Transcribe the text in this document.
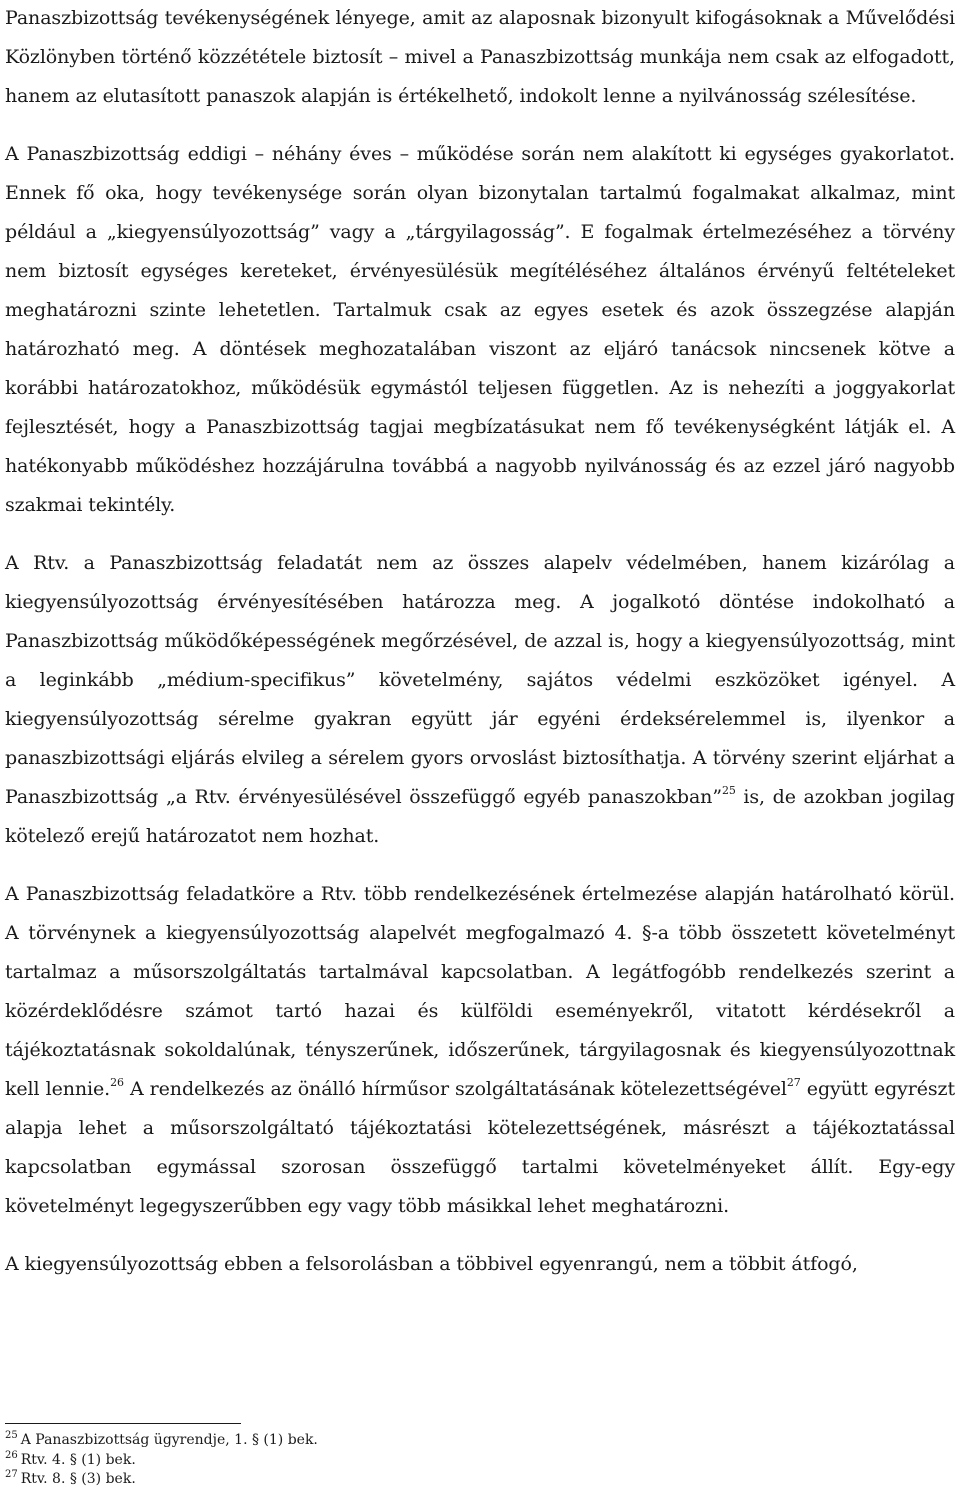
Panaszbizottság tevékenységének lényege, amit az alaposnak bizonyult kifogásoknak a Művelődési Közlönyben történő közzététele biztosít – mivel a Panaszbizottság munkája nem csak az elfogadott, hanem az elutasított panaszok alapján is értékelhető, indokolt lenne a nyilvánosság szélesítése.

A Panaszbizottság eddigi – néhány éves – működése során nem alakított ki egységes gyakorlatot. Ennek fő oka, hogy tevékenysége során olyan bizonytalan tartalmú fogalmakat alkalmaz, mint például a „kiegyensúlyozottság” vagy a „tárgyilagosság”. E fogalmak értelmezéséhez a törvény nem biztosít egységes kereteket, érvényesülésük megítéléséhez általános érvényű feltételeket meghatározni szinte lehetetlen. Tartalmuk csak az egyes esetek és azok összegzése alapján határozható meg. A döntések meghozatalában viszont az eljáró tanácsok nincsenek kötve a korábbi határozatokhoz, működésük egymástól teljesen független. Az is nehezíti a joggyakorlat fejlesztését, hogy a Panaszbizottság tagjai megbízatásukat nem fő tevékenységként látják el. A hatékonyabb működéshez hozzájárulna továbbá a nagyobb nyilvánosság és az ezzel járó nagyobb szakmai tekintély.

A Rtv. a Panaszbizottság feladatát nem az összes alapelv védelmében, hanem kizárólag a kiegyensúlyozottság érvényesítésében határozza meg. A jogalkotó döntése indokolható a Panaszbizottság működőképességének megőrzésével, de azzal is, hogy a kiegyensúlyozottság, mint a leginkább „médium-specifikus” követelmény, sajátos védelmi eszközöket igényel. A kiegyensúlyozottság sérelme gyakran együtt jár egyéni érdeksérelemmel is, ilyenkor a panaszbizottsági eljárás elvileg a sérelem gyors orvoslást biztosíthatja. A törvény szerint eljárhat a Panaszbizottság „a Rtv. érvényesülésével összefüggő egyéb panaszokban”$^{25}$ is, de azokban jogilag kötelező erejű határozatot nem hozhat.

A Panaszbizottság feladatköre a Rtv. több rendelkezésének értelmezése alapján határolható körül. A törvénynek a kiegyensúlyozottság alapelvét megfogalmazó 4. §-a több összetett követelményt tartalmaz a műsorszolgáltatás tartalmával kapcsolatban. A legátfogóbb rendelkezés szerint a közérdeklődésre számot tartó hazai és külföldi eseményekről, vitatott kérdésekről a tájékoztatásnak sokoldalúnak, tényszerűnek, időszerűnek, tárgyilagosnak és kiegyensúlyozottnak kell lennie.$^{26}$ A rendelkezés az önálló hírműsor szolgáltatásának kötelezettségével$^{27}$ együtt egyrészt alapja lehet a műsorszolgáltató tájékoztatási kötelezettségének, másrészt a tájékoztatással kapcsolatban egymással szorosan összefüggő tartalmi követelményeket állít. Egy-egy követelményt legegyszerűbben egy vagy több másikkal lehet meghatározni.

A kiegyensúlyozottság ebben a felsorolásban a többivel egyenrangú, nem a többit átfogó,

$^{25}$ A Panaszbizottság ügyrendje, 1. § (1) bek.
$^{26}$ Rtv. 4. § (1) bek.
$^{27}$ Rtv. 8. § (3) bek.
